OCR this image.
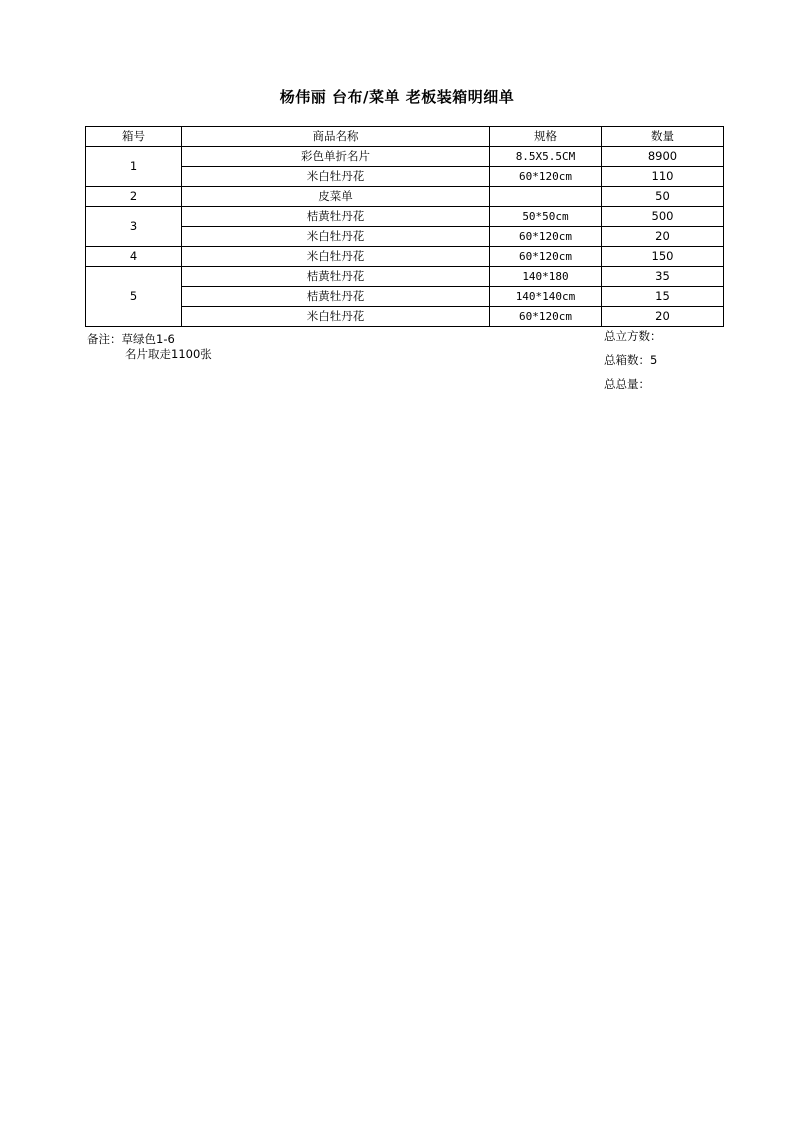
杨伟丽 台布/菜单 老板装箱明细单
箱号	商品名称	规格	数量
1	彩色单折名片	8.5X5.5CM	8900
	米白牡丹花	60*120cm	110
2	皮菜单		50
3	桔黄牡丹花	50*50cm	500
	米白牡丹花	60*120cm	20
4	米白牡丹花	60*120cm	150
5	桔黄牡丹花	140*180	35
	桔黄牡丹花	140*140cm	15
	米白牡丹花	60*120cm	20
备注：草绿色1-6
名片取走1100张
总立方数：
总箱数：5
总总量：
